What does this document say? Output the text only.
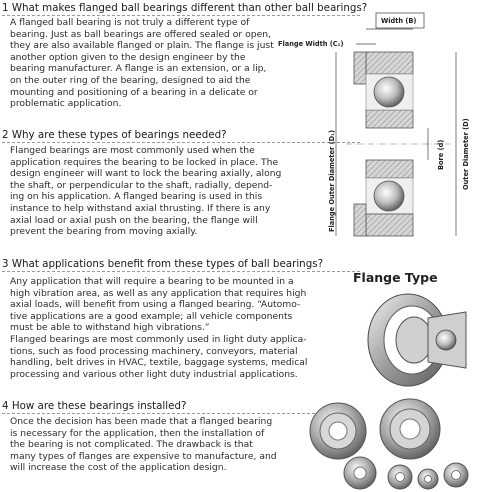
1 What makes flanged ball bearings different than other ball bearings?
A flanged ball bearing is not truly a different type of
bearing. Just as ball bearings are offered sealed or open,
they are also available flanged or plain. The flange is just
another option given to the design engineer by the
bearing manufacturer. A flange is an extension, or a lip,
on the outer ring of the bearing, designed to aid the
mounting and positioning of a bearing in a delicate or
problematic application.
2 Why are these types of bearings needed?
Flanged bearings are most commonly used when the
application requires the bearing to be locked in place. The
design engineer will want to lock the bearing axially, along
the shaft, or perpendicular to the shaft, radially, depend-
ing on his application. A flanged bearing is used in this
instance to help withstand axial thrusting. If there is any
axial load or axial push on the bearing, the flange will
prevent the bearing from moving axially.
3 What applications benefit from these types of ball bearings?
Any application that will require a bearing to be mounted in a
high vibration area, as well as any application that requires high
axial loads, will benefit from using a flanged bearing. “Automo-
tive applications are a good example; all vehicle components
must be able to withstand high vibrations.”
Flanged bearings are most commonly used in light duty applica-
tions, such as food processing machinery, conveyors, material
handling, belt drives in HVAC, textile, baggage systems, medical
processing and various other light duty industrial applications.
4 How are these bearings installed?
Once the decision has been made that a flanged bearing
is necessary for the application, then the installation of
the bearing is not complicated. The drawback is that
many types of flanges are expensive to manufacture, and
will increase the cost of the application design.
Width (B)
Flange Width (C₁)
Flange Outer Diameter (D₁)	Bore (d)	Outer Diameter (D)
Flange Type
